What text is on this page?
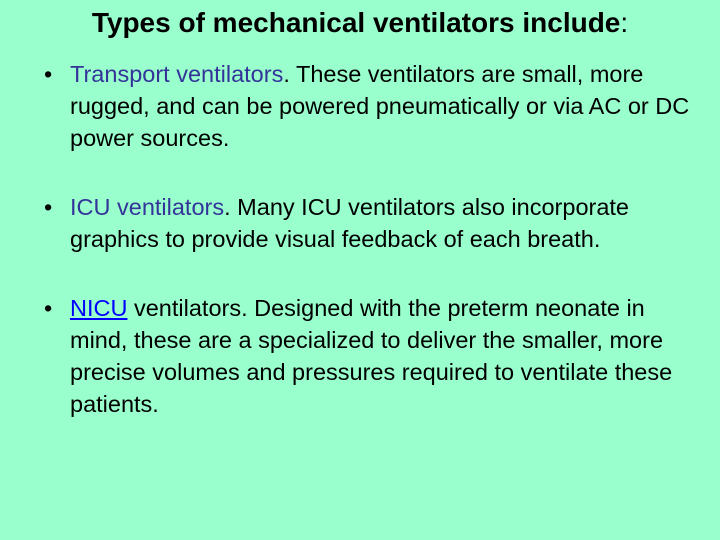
Types of mechanical ventilators include:
• Transport ventilators. These ventilators are small, more rugged, and can be powered pneumatically or via AC or DC power sources.
• ICU ventilators. Many ICU ventilators also incorporate graphics to provide visual feedback of each breath.
• NICU ventilators. Designed with the preterm neonate in mind, these are a specialized to deliver the smaller, more precise volumes and pressures required to ventilate these patients.
